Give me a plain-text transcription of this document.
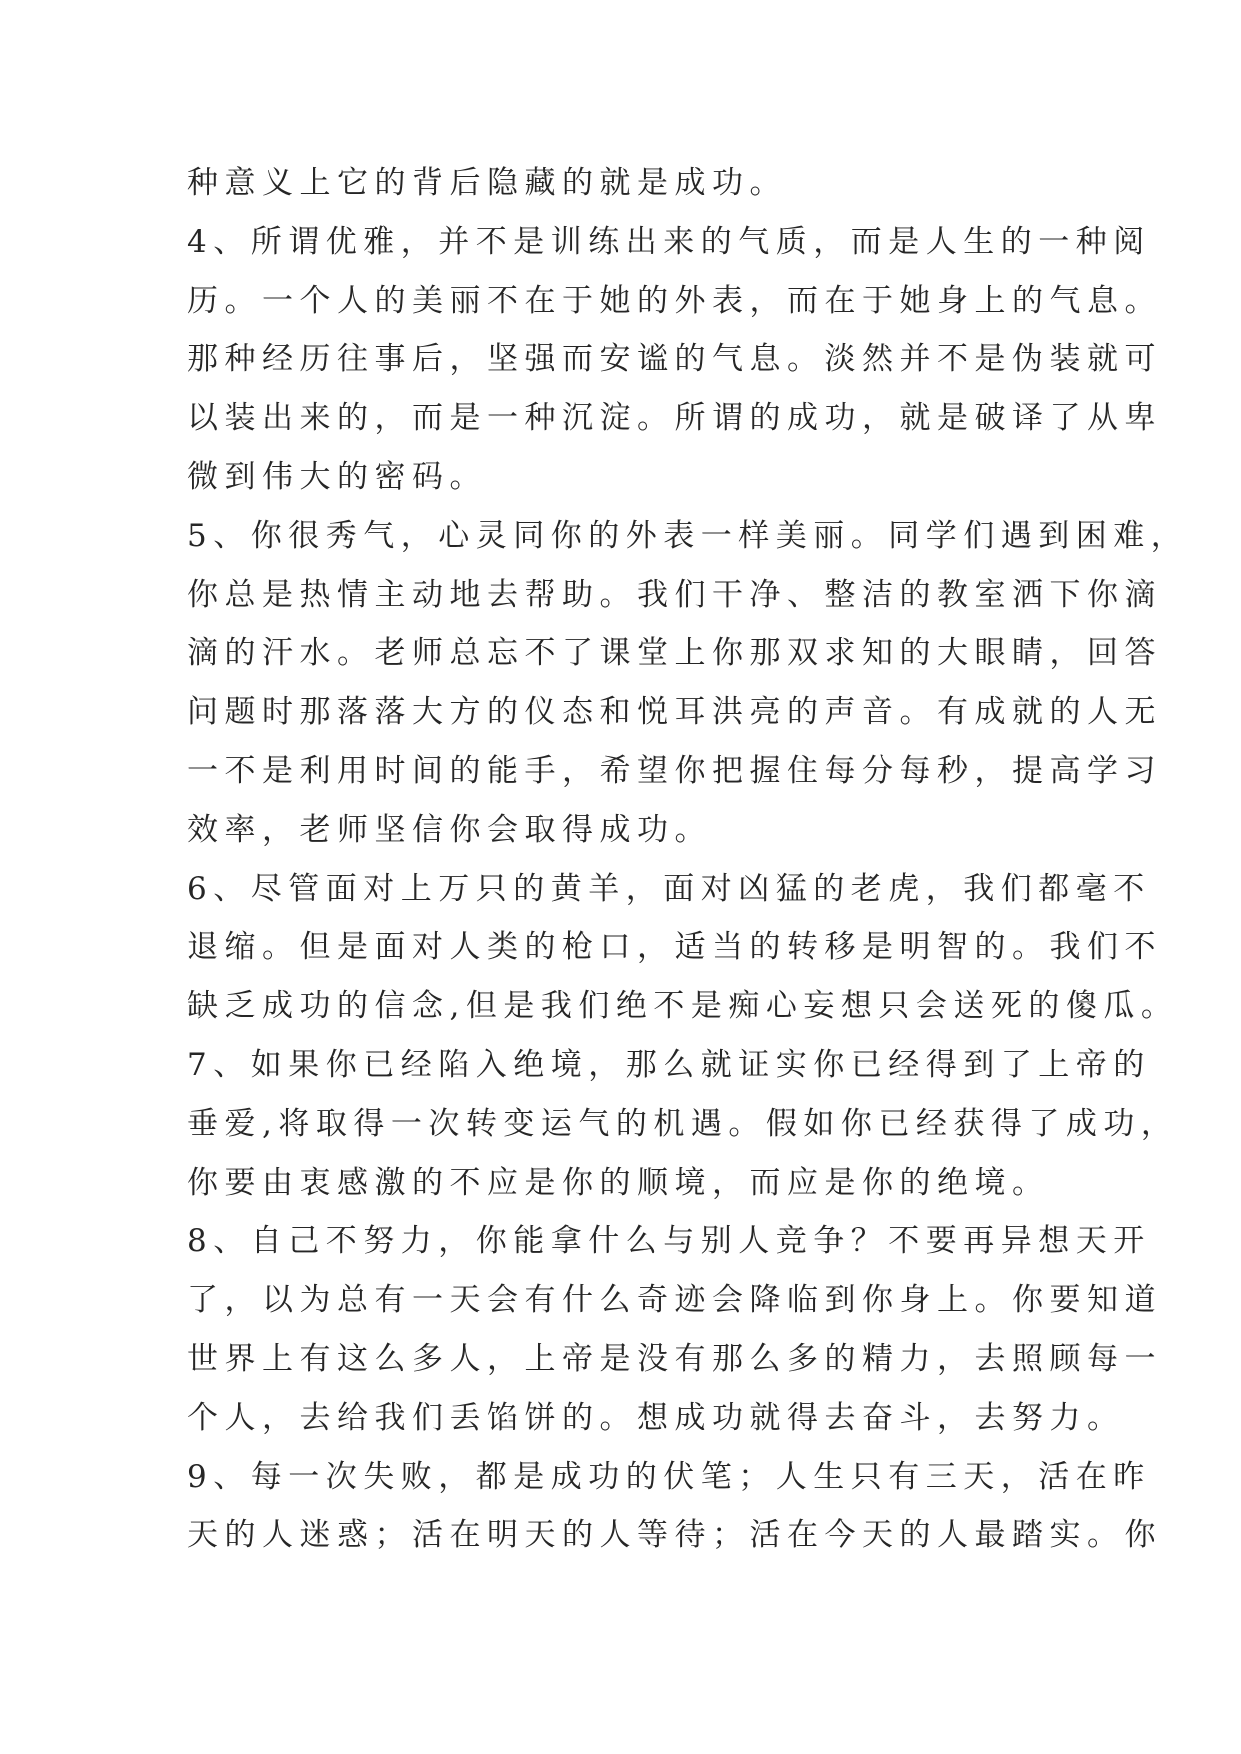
种意义上它的背后隐藏的就是成功。
4、所谓优雅，并不是训练出来的气质，而是人生的一种阅
历。一个人的美丽不在于她的外表，而在于她身上的气息。
那种经历往事后，坚强而安谧的气息。淡然并不是伪装就可
以装出来的，而是一种沉淀。所谓的成功，就是破译了从卑
微到伟大的密码。
5、你很秀气，心灵同你的外表一样美丽。同学们遇到困难，
你总是热情主动地去帮助。我们干净、整洁的教室洒下你滴
滴的汗水。老师总忘不了课堂上你那双求知的大眼睛，回答
问题时那落落大方的仪态和悦耳洪亮的声音。有成就的人无
一不是利用时间的能手，希望你把握住每分每秒，提高学习
效率，老师坚信你会取得成功。
6、尽管面对上万只的黄羊，面对凶猛的老虎，我们都毫不
退缩。但是面对人类的枪口，适当的转移是明智的。我们不
缺乏成功的信念,但是我们绝不是痴心妄想只会送死的傻瓜。
7、如果你已经陷入绝境，那么就证实你已经得到了上帝的
垂爱,将取得一次转变运气的机遇。假如你已经获得了成功，
你要由衷感激的不应是你的顺境，而应是你的绝境。
8、自己不努力，你能拿什么与别人竞争？不要再异想天开
了，以为总有一天会有什么奇迹会降临到你身上。你要知道
世界上有这么多人，上帝是没有那么多的精力，去照顾每一
个人，去给我们丢馅饼的。想成功就得去奋斗，去努力。
9、每一次失败，都是成功的伏笔；人生只有三天，活在昨
天的人迷惑；活在明天的人等待；活在今天的人最踏实。你
